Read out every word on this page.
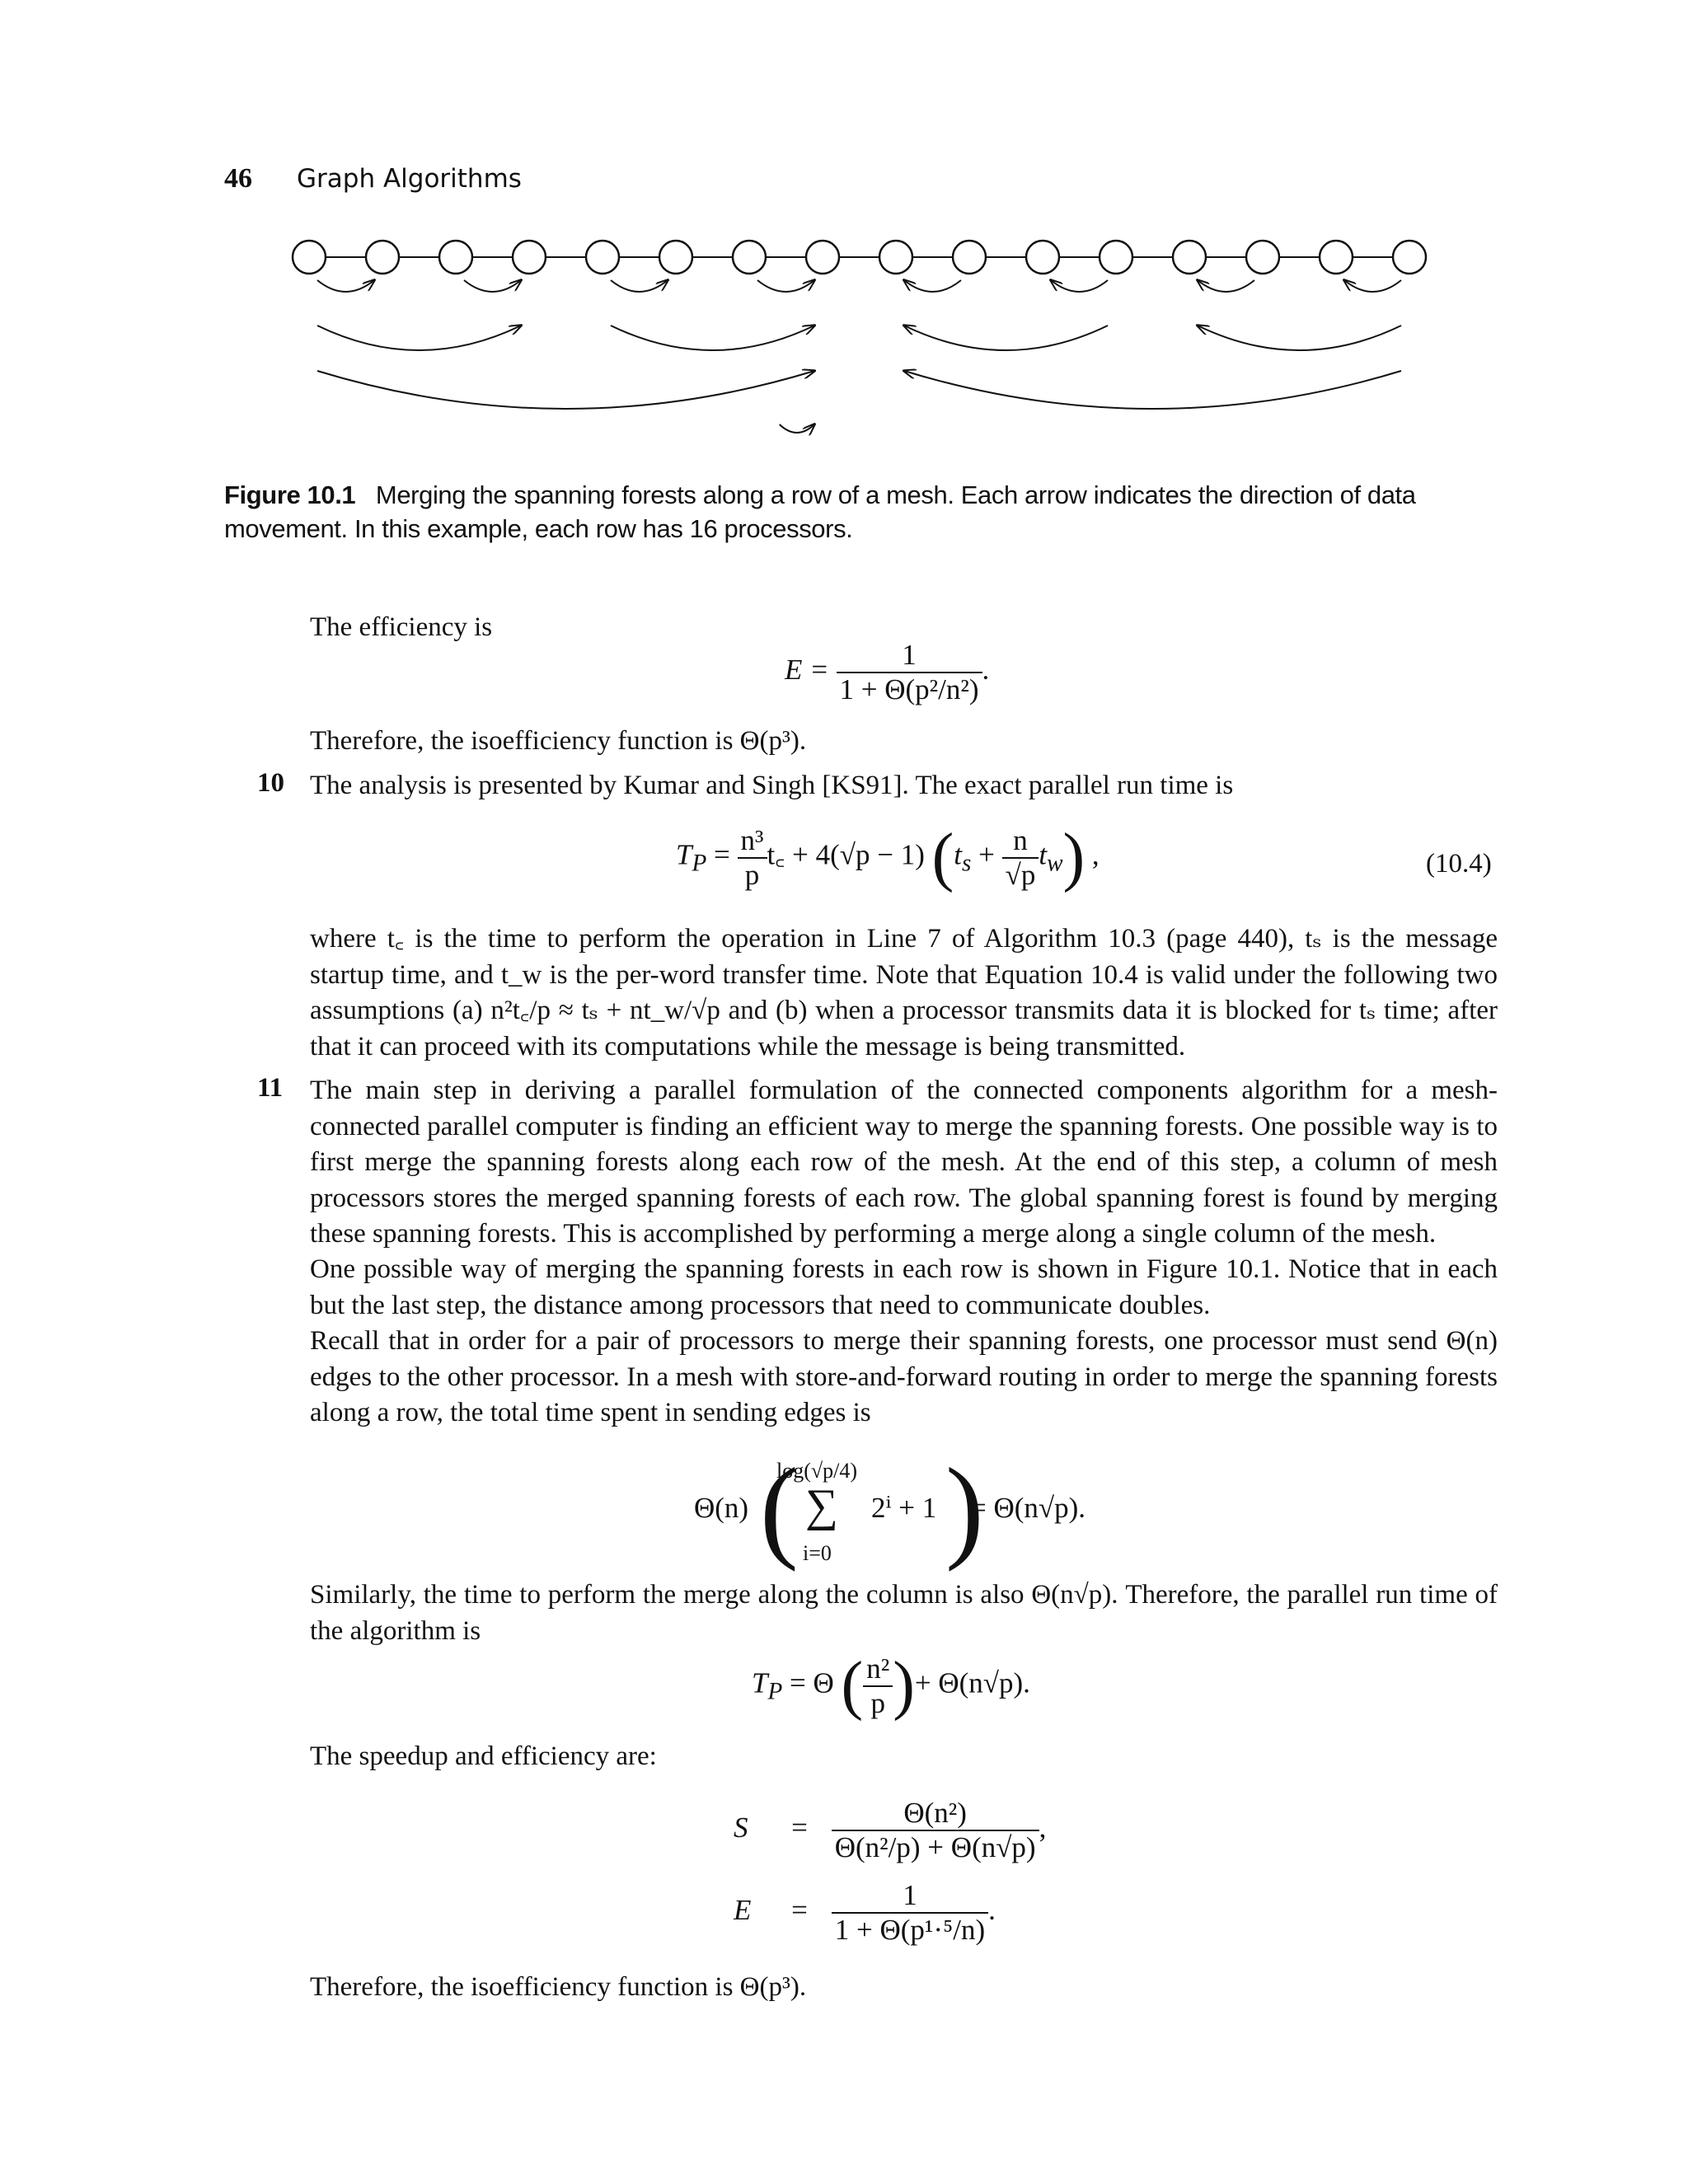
46 Graph Algorithms
Figure 10.1 Merging the spanning forests along a row of a mesh. Each arrow indicates the direction of data movement. In this example, each row has 16 processors.
The efficiency is
$E = \frac{1}{\text{1 + Θ(p²/n²)}}$ .
Therefore, the isoefficiency function is Θ(p³).
10 The analysis is presented by Kumar and Singh [KS91]. The exact parallel run time is
$T_P = \frac{\text{n³}}{p}$ t꜀ + 4(√p − 1) $(t_s + \frac{n}{√p} t_w)$ ,	(10.4)
where t꜀ is the time to perform the operation in Line 7 of Algorithm 10.3 (page 440), tₛ is the message startup time, and t_w is the per-word transfer time. Note that Equation 10.4 is valid under the following two assumptions (a) n²t꜀/p ≈ tₛ + nt_w/√p and (b) when a processor transmits data it is blocked for tₛ time; after that it can proceed with its computations while the message is being transmitted.
11 The main step in deriving a parallel formulation of the connected components algorithm for a mesh-connected parallel computer is finding an efficient way to merge the spanning forests. One possible way is to first merge the spanning forests along each row of the mesh. At the end of this step, a column of mesh processors stores the merged spanning forests of each row. The global spanning forest is found by merging these spanning forests. This is accomplished by performing a merge along a single column of the mesh.
One possible way of merging the spanning forests in each row is shown in Figure 10.1. Notice that in each but the last step, the distance among processors that need to communicate doubles.
Recall that in order for a pair of processors to merge their spanning forests, one processor must send Θ(n) edges to the other processor. In a mesh with store-and-forward routing in order to merge the spanning forests along a row, the total time spent in sending edges is
Θ(n) (
log(√p/4)
∑
i=0
2ⁱ + 1 )
= Θ(n√p).
Similarly, the time to perform the merge along the column is also Θ(n√p). Therefore, the parallel run time of the algorithm is
$T_P = \Theta$ ( $\frac{\text{n²}}{p}$ )+ Θ(n√p).
The speedup and efficiency are:
$S = \frac{\text{Θ(n²)}}{\text{Θ(n²/p) + Θ(n√p)}}$ ,
$E = \frac{1}{\text{1 + Θ(p¹·⁵/n)}}$ .
Therefore, the isoefficiency function is Θ(p³).
